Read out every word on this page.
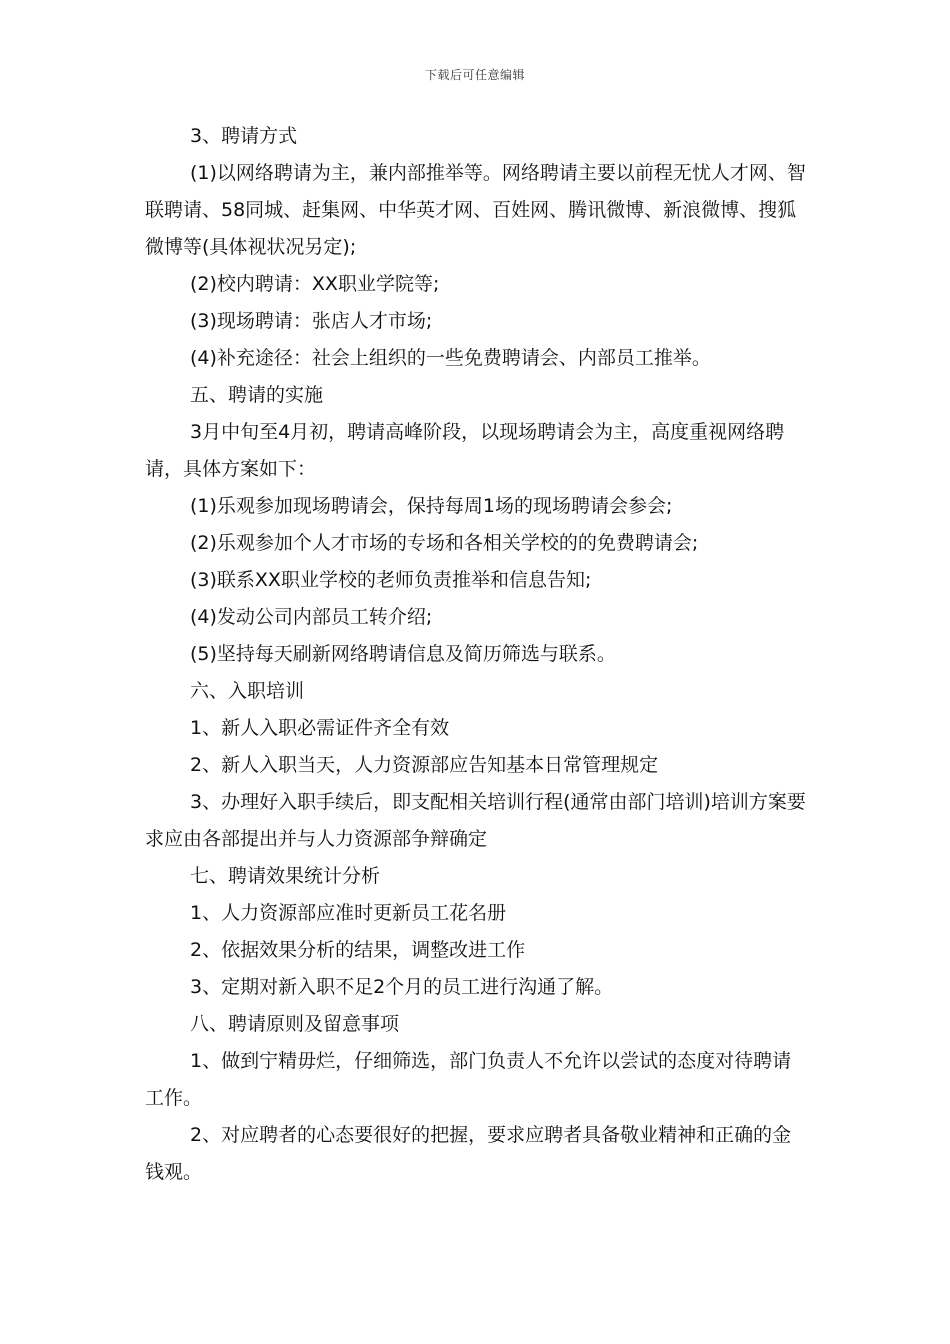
下载后可任意编辑

3、聘请方式

(1)以网络聘请为主，兼内部推举等。网络聘请主要以前程无忧人才网、智联聘请、58同城、赶集网、中华英才网、百姓网、腾讯微博、新浪微博、搜狐微博等(具体视状况另定);

(2)校内聘请：XX职业学院等;

(3)现场聘请：张店人才市场;

(4)补充途径：社会上组织的一些免费聘请会、内部员工推举。

五、聘请的实施

3月中旬至4月初，聘请高峰阶段，以现场聘请会为主，高度重视网络聘请，具体方案如下：

(1)乐观参加现场聘请会，保持每周1场的现场聘请会参会;

(2)乐观参加个人才市场的专场和各相关学校的的免费聘请会;

(3)联系XX职业学校的老师负责推举和信息告知;

(4)发动公司内部员工转介绍;

(5)坚持每天刷新网络聘请信息及简历筛选与联系。

六、入职培训

1、新人入职必需证件齐全有效

2、新人入职当天，人力资源部应告知基本日常管理规定

3、办理好入职手续后，即支配相关培训行程(通常由部门培训)培训方案要求应由各部提出并与人力资源部争辩确定

七、聘请效果统计分析

1、人力资源部应准时更新员工花名册

2、依据效果分析的结果，调整改进工作

3、定期对新入职不足2个月的员工进行沟通了解。

八、聘请原则及留意事项

1、做到宁精毋烂，仔细筛选，部门负责人不允许以尝试的态度对待聘请工作。

2、对应聘者的心态要很好的把握，要求应聘者具备敬业精神和正确的金钱观。
